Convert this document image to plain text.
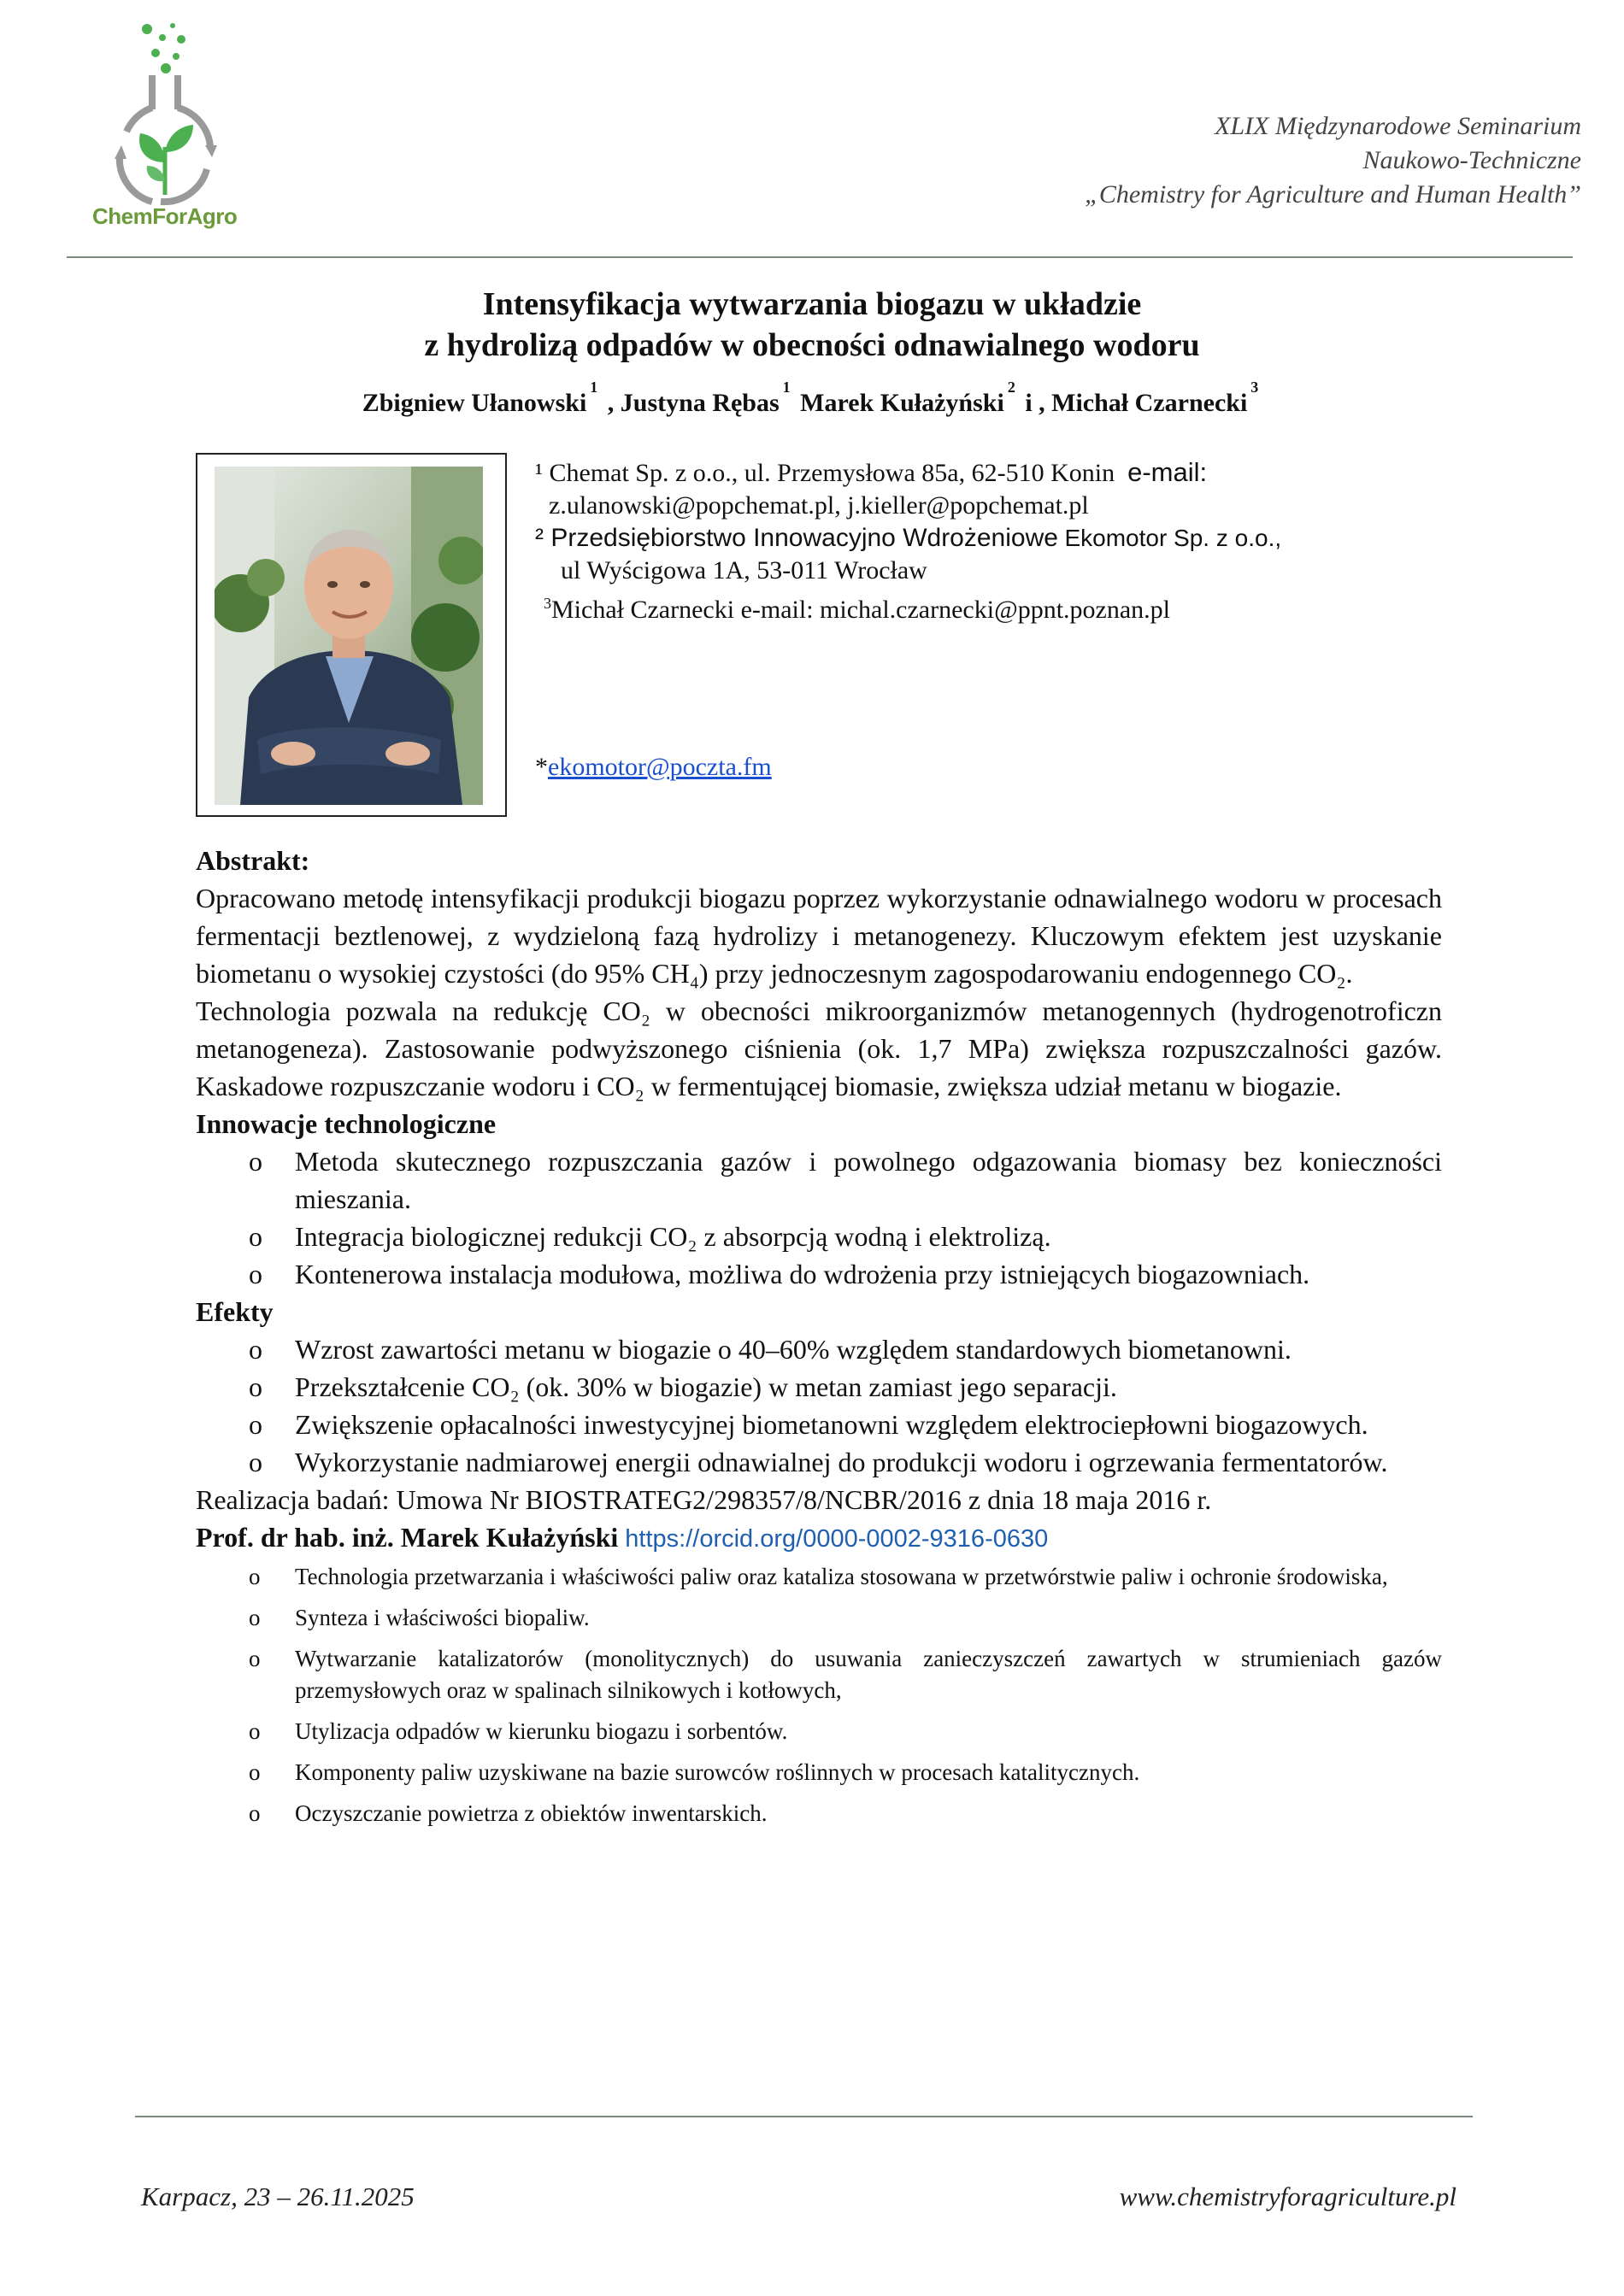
ChemForAgro
XLIX Międzynarodowe Seminarium
Naukowo-Techniczne
„Chemistry for Agriculture and Human Health”
Intensyfikacja wytwarzania biogazu w układzie
z hydrolizą odpadów w obecności odnawialnego wodoru
Zbigniew Ułanowski$^1$ , Justyna Rębas$^1$ Marek Kułażyński$^2$ i , Michał Czarnecki$^3$
¹ Chemat Sp. z o.o., ul. Przemysłowa 85a, 62-510 Konin e-mail:
z.ulanowski@popchemat.pl, j.kieller@popchemat.pl
² Przedsiębiorstwo Innowacyjno Wdrożeniowe Ekomotor Sp. z o.o.,
ul Wyścigowa 1A, 53-011 Wrocław
$^3$Michał Czarnecki e-mail: michal.czarnecki@ppnt.poznan.pl
*ekomotor@poczta.fm

Abstrakt:

Opracowano metodę intensyfikacji produkcji biogazu poprzez wykorzystanie odnawialnego wodoru w procesach fermentacji beztlenowej, z wydzieloną fazą hydrolizy i metanogenezy. Kluczowym efektem jest uzyskanie biometanu o wysokiej czystości (do 95% CH₄) przy jednoczesnym zagospodarowaniu endogennego CO₂.

Technologia pozwala na redukcję CO₂ w obecności mikroorganizmów metanogennych (hydrogenotroficzn metanogeneza). Zastosowanie podwyższonego ciśnienia (ok. 1,7 MPa) zwiększa rozpuszczalności gazów. Kaskadowe rozpuszczanie wodoru i CO₂ w fermentującej biomasie, zwiększa udział metanu w biogazie.

Innowacje technologiczne

o Metoda skutecznego rozpuszczania gazów i powolnego odgazowania biomasy bez konieczności mieszania.
o Integracja biologicznej redukcji CO₂ z absorpcją wodną i elektrolizą.
o Kontenerowa instalacja modułowa, możliwa do wdrożenia przy istniejących biogazowniach.

Efekty

o Wzrost zawartości metanu w biogazie o 40–60% względem standardowych biometanowni.
o Przekształcenie CO₂ (ok. 30% w biogazie) w metan zamiast jego separacji.
o Zwiększenie opłacalności inwestycyjnej biometanowni względem elektrociepłowni biogazowych.
o Wykorzystanie nadmiarowej energii odnawialnej do produkcji wodoru i ogrzewania fermentatorów.

Realizacja badań: Umowa Nr BIOSTRATEG2/298357/8/NCBR/2016 z dnia 18 maja 2016 r.

Prof. dr hab. inż. Marek Kułażyński https://orcid.org/0000-0002-9316-0630

o Technologia przetwarzania i właściwości paliw oraz kataliza stosowana w przetwórstwie paliw i ochronie środowiska,
o Synteza i właściwości biopaliw.
o Wytwarzanie katalizatorów (monolitycznych) do usuwania zanieczyszczeń zawartych w strumieniach gazów przemysłowych oraz w spalinach silnikowych i kotłowych,
o Utylizacja odpadów w kierunku biogazu i sorbentów.
o Komponenty paliw uzyskiwane na bazie surowców roślinnych w procesach katalitycznych.
o Oczyszczanie powietrza z obiektów inwentarskich.
Karpacz, 23 – 26.11.2025	www.chemistryforagriculture.pl
